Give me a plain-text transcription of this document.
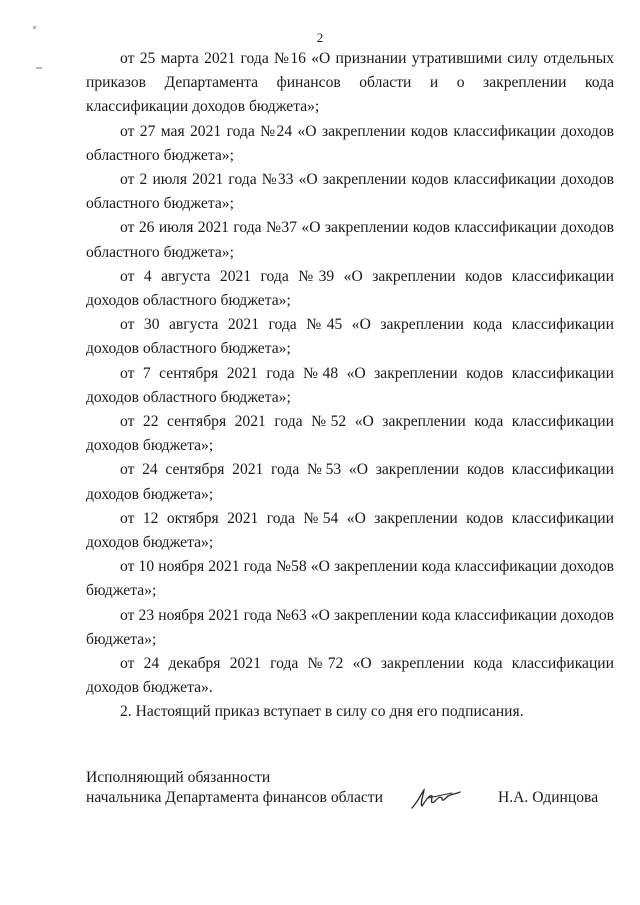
2

от 25 марта 2021 года №16 «О признании утратившими силу отдельных приказов Департамента финансов области и о закреплении кода классификации доходов бюджета»;

от 27 мая 2021 года №24 «О закреплении кодов классификации доходов областного бюджета»;

от 2 июля 2021 года №33 «О закреплении кодов классификации доходов областного бюджета»;

от 26 июля 2021 года №37 «О закреплении кодов классификации доходов областного бюджета»;

от 4 августа 2021 года №39 «О закреплении кодов классификации доходов областного бюджета»;

от 30 августа 2021 года №45 «О закреплении кода классификации доходов областного бюджета»;

от 7 сентября 2021 года №48 «О закреплении кодов классификации доходов областного бюджета»;

от 22 сентября 2021 года №52 «О закреплении кода классификации доходов бюджета»;

от 24 сентября 2021 года №53 «О закреплении кодов классификации доходов бюджета»;

от 12 октября 2021 года №54 «О закреплении кодов классификации доходов бюджета»;

от 10 ноября 2021 года №58 «О закреплении кода классификации доходов бюджета»;

от 23 ноября 2021 года №63 «О закреплении кода классификации доходов бюджета»;

от 24 декабря 2021 года №72 «О закреплении кода классификации доходов бюджета».

2. Настоящий приказ вступает в силу со дня его подписания.

Исполняющий обязанности
начальника Департамента финансов области	Н.А. Одинцова
